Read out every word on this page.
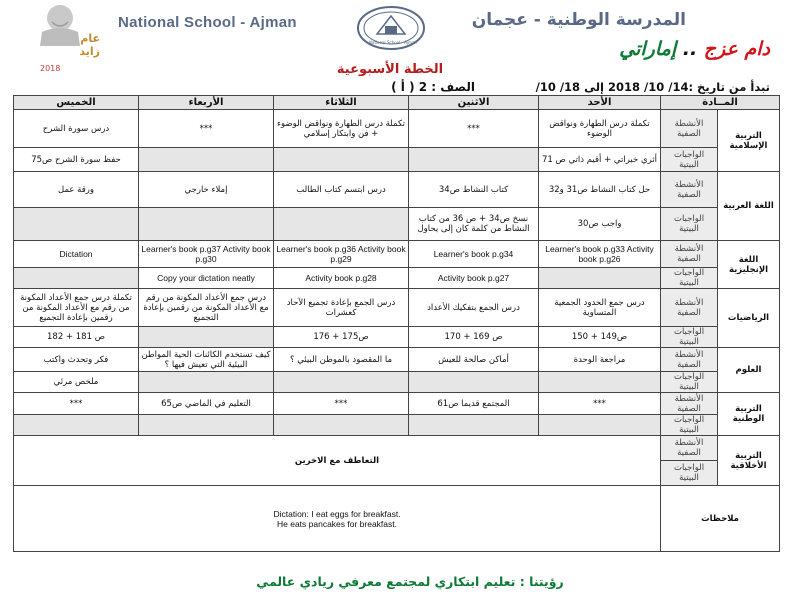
عام زايد
2018
National School - Ajman
National School - Ajman
المدرسة الوطنية - عجمان
دام عزج .. إماراتي
الخطة الأسبوعية
الصف : 2 ( أ )	تبدأ من تاريخ :14/ 10/ 2018 إلى 18/ 10/
الخميس	الأربعاء	الثلاثاء	الاثنين	الأحد	المــادة	
درس سورة الشرح	***	تكملة درس الطهارة ونواقض الوضوء + فن وابتكار إسلامي	***	تكملة درس الطهارة ونواقض الوضوء	الأنشطة الصفية	التربية الإسلامية
حفظ سورة الشرح ص75				أثري خبراتي + أقيم ذاتي ص 71	الواجبات البيتية	
ورقة عمل	إملاء خارجي	درس ابتسم كتاب الطالب	كتاب النشاط ص34	حل كتاب النشاط ص31 و32	الأنشطة الصفية	اللغة العربية
			نسخ ص34 + ص 36 من كتاب النشاط من كلمة كان إلى يحاول	واجب ص30	الواجبات البيتية	
Dictation	Learner's book p.g37 Activity book p.g30	Learner's book p.g36 Activity book p.g29	Learner's book p.g34	Learner's book p.g33 Activity book p.g26	الأنشطة الصفية	اللغة الإنجليزية
	Copy your dictation neatly	Activity book p.g28	Activity book p.g27		الواجبات البيتية	
تكملة درس جمع الأعداد المكونة من رقم مع الأعداد المكونة من رقمين بإعادة التجميع	درس جمع الأعداد المكونة من رقم مع الأعداد المكونة من رقمين بإعادة التجميع	درس الجمع بإعادة تجميع الآحاد كعشرات	درس الجمع بتفكيك الأعداد	درس جمع الحدود الجمعية المتساوية	الأنشطة الصفية	الرياضيات
ص 181 + 182		ص175 + 176	ص 169 + 170	ص149 + 150	الواجبات البيتية	
فكر وتحدث واكتب	كيف تستخدم الكائنات الحية المواطن البيئية التي تعيش فيها ؟	ما المقصود بالموطن البيئي ؟	أماكن صالحة للعيش	مراجعة الوحدة	الأنشطة الصفية	العلوم
ملخص مرئي					الواجبات البيتية	
***	التعليم في الماضي ص65	***	المجتمع قديما ص61	***	الأنشطة الصفية	التربية الوطنية
					الواجبات البيتية	
التعاطف مع الاخرين					الأنشطة الصفية	التربية الأخلاقية
					الواجبات البيتية	

Dictation: I eat eggs for breakfast.
He eats pancakes for breakfast.					ملاحظات	
رؤيتنا : تعليم ابتكاري لمجتمع معرفي ريادي عالمي
